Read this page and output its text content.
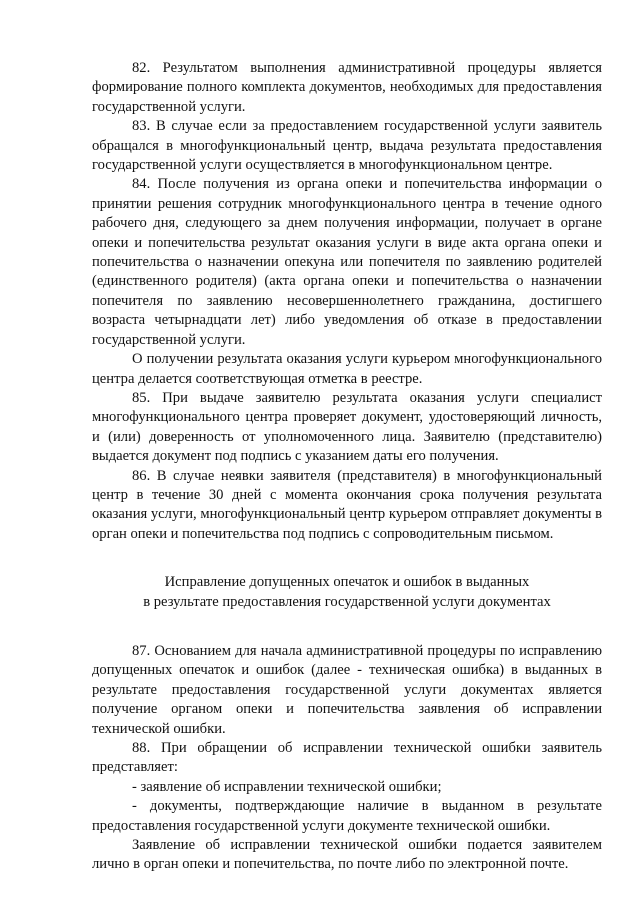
82. Результатом выполнения административной процедуры является формирование полного комплекта документов, необходимых для предоставления государственной услуги.

83. В случае если за предоставлением государственной услуги заявитель обращался в многофункциональный центр, выдача результата предоставления государственной услуги осуществляется в многофункциональном центре.

84. После получения из органа опеки и попечительства информации о принятии решения сотрудник многофункционального центра в течение одного рабочего дня, следующего за днем получения информации, получает в органе опеки и попечительства результат оказания услуги в виде акта органа опеки и попечительства о назначении опекуна или попечителя по заявлению родителей (единственного родителя) (акта органа опеки и попечительства о назначении попечителя по заявлению несовершеннолетнего гражданина, достигшего возраста четырнадцати лет) либо уведомления об отказе в предоставлении государственной услуги.

О получении результата оказания услуги курьером многофункционального центра делается соответствующая отметка в реестре.

85. При выдаче заявителю результата оказания услуги специалист многофункционального центра проверяет документ, удостоверяющий личность, и (или) доверенность от уполномоченного лица. Заявителю (представителю) выдается документ под подпись с указанием даты его получения.

86. В случае неявки заявителя (представителя) в многофункциональный центр в течение 30 дней с момента окончания срока получения результата оказания услуги, многофункциональный центр курьером отправляет документы в орган опеки и попечительства под подпись с сопроводительным письмом.

Исправление допущенных опечаток и ошибок в выданных
в результате предоставления государственной услуги документах

87. Основанием для начала административной процедуры по исправлению допущенных опечаток и ошибок (далее - техническая ошибка) в выданных в результате предоставления государственной услуги документах является получение органом опеки и попечительства заявления об исправлении технической ошибки.

88. При обращении об исправлении технической ошибки заявитель представляет:

- заявление об исправлении технической ошибки;

- документы, подтверждающие наличие в выданном в результате предоставления государственной услуги документе технической ошибки.

Заявление об исправлении технической ошибки подается заявителем лично в орган опеки и попечительства, по почте либо по электронной почте.
